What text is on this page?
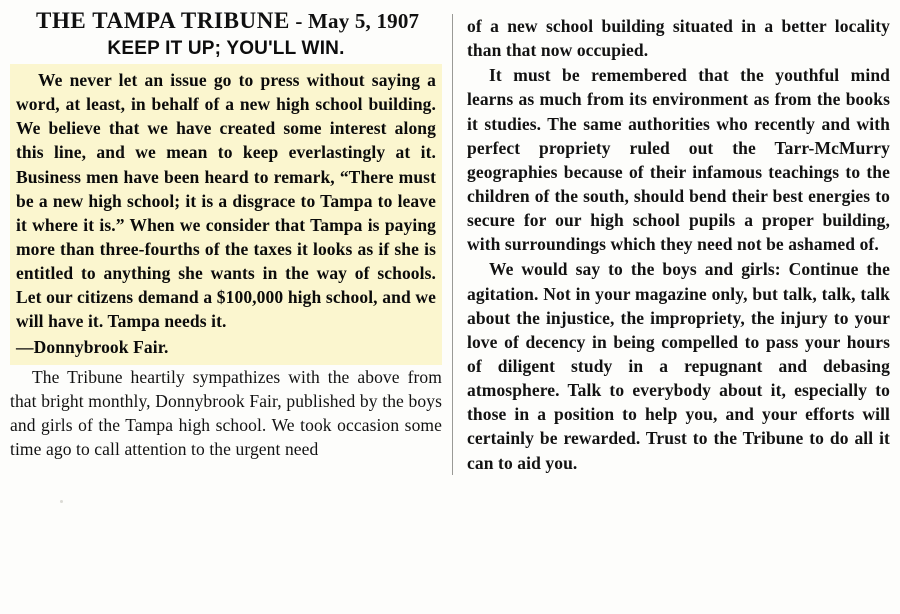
THE TAMPA TRIBUNE - May 5, 1907
KEEP IT UP; YOU'LL WIN.

We never let an issue go to press without saying a word, at least, in behalf of a new high school building. We believe that we have created some interest along this line, and we mean to keep everlastingly at it. Business men have been heard to remark, “There must be a new high school; it is a disgrace to Tampa to leave it where it is.” When we consider that Tampa is paying more than three-fourths of the taxes it looks as if she is entitled to anything she wants in the way of schools. Let our citizens demand a $100,000 high school, and we will have it. Tampa needs it.

—Donnybrook Fair.

The Tribune heartily sympathizes with the above from that bright monthly, Donnybrook Fair, published by the boys and girls of the Tampa high school. We took occasion some time ago to call attention to the urgent need

of a new school building situated in a better locality than that now occupied.

It must be remembered that the youthful mind learns as much from its environment as from the books it studies. The same authorities who recently and with perfect propriety ruled out the Tarr-McMurry geographies because of their infamous teachings to the children of the south, should bend their best energies to secure for our high school pupils a proper building, with surroundings which they need not be ashamed of.

We would say to the boys and girls: Continue the agitation. Not in your magazine only, but talk, talk, talk about the injustice, the impropriety, the injury to your love of decency in being compelled to pass your hours of diligent study in a repugnant and debasing atmosphere. Talk to everybody about it, especially to those in a position to help you, and your efforts will certainly be rewarded. Trust to the Tribune to do all it can to aid you.
